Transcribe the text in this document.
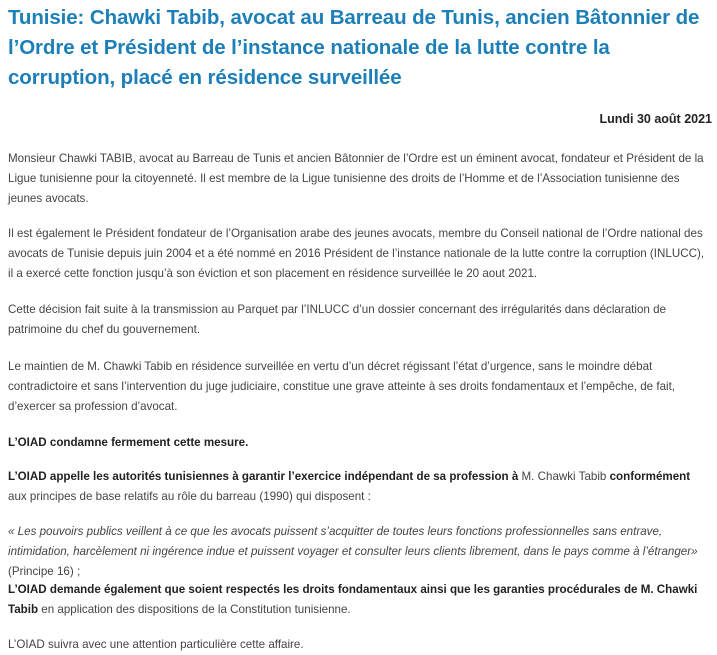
Tunisie: Chawki Tabib, avocat au Barreau de Tunis, ancien Bâtonnier de l’Ordre et Président de l’instance nationale de la lutte contre la corruption, placé en résidence surveillée
Lundi 30 août 2021

Monsieur Chawki TABIB, avocat au Barreau de Tunis et ancien Bâtonnier de l’Ordre est un éminent avocat, fondateur et Président de la Ligue tunisienne pour la citoyenneté. Il est membre de la Ligue tunisienne des droits de l’Homme et de l’Association tunisienne des jeunes avocats.

Il est également le Président fondateur de l’Organisation arabe des jeunes avocats, membre du Conseil national de l’Ordre national des avocats de Tunisie depuis juin 2004 et a été nommé en 2016 Président de l’instance nationale de la lutte contre la corruption (INLUCC), il a exercé cette fonction jusqu’à son éviction et son placement en résidence surveillée le 20 aout 2021.

Cette décision fait suite à la transmission au Parquet par l’INLUCC d’un dossier concernant des irrégularités dans déclaration de patrimoine du chef du gouvernement.

Le maintien de M. Chawki Tabib en résidence surveillée en vertu d’un décret régissant l’état d’urgence, sans le moindre débat contradictoire et sans l’intervention du juge judiciaire, constitue une grave atteinte à ses droits fondamentaux et l’empêche, de fait, d’exercer sa profession d’avocat.

L’OIAD condamne fermement cette mesure.

L’OIAD appelle les autorités tunisiennes à garantir l’exercice indépendant de sa profession à M. Chawki Tabib conformément aux principes de base relatifs au rôle du barreau (1990) qui disposent :

« Les pouvoirs publics veillent à ce que les avocats puissent s’acquitter de toutes leurs fonctions professionnelles sans entrave, intimidation, harcèlement ni ingérence indue et puissent voyager et consulter leurs clients librement, dans le pays comme à l’étranger» (Principe 16) ;

L’OIAD demande également que soient respectés les droits fondamentaux ainsi que les garanties procédurales de M. Chawki Tabib en application des dispositions de la Constitution tunisienne.

L’OIAD suivra avec une attention particulière cette affaire.
